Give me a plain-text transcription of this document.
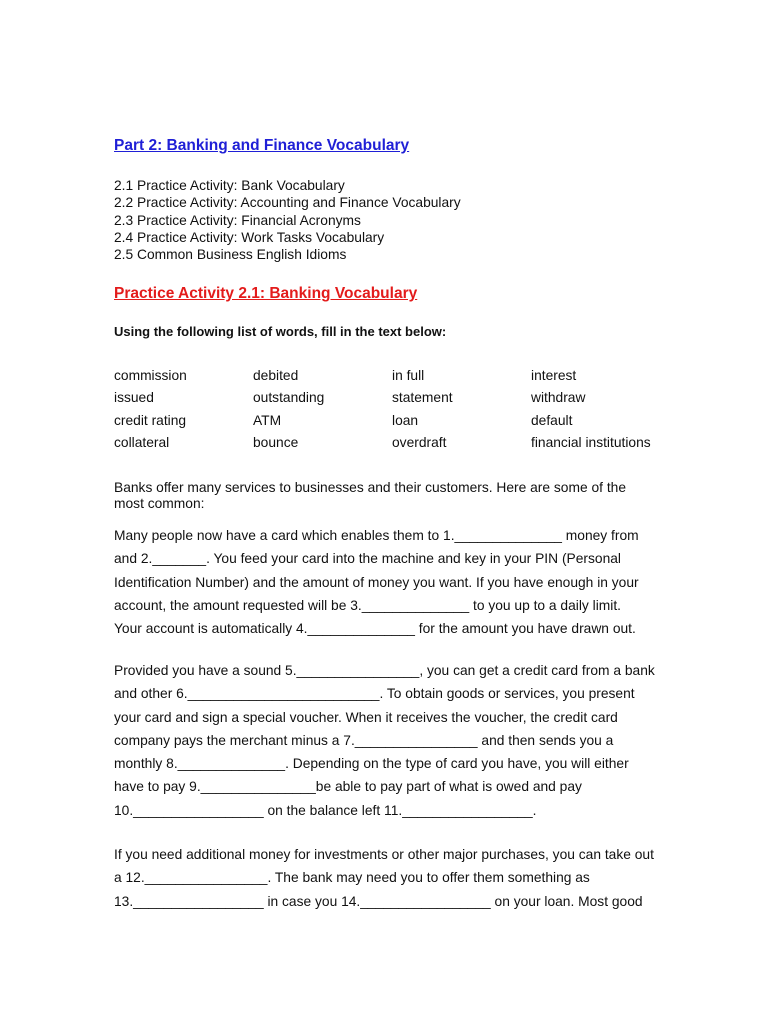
Part 2: Banking and Finance Vocabulary
2.1 Practice Activity: Bank Vocabulary
2.2 Practice Activity: Accounting and Finance Vocabulary
2.3 Practice Activity: Financial Acronyms
2.4 Practice Activity: Work Tasks Vocabulary
2.5 Common Business English Idioms
Practice Activity 2.1: Banking Vocabulary
Using the following list of words, fill in the text below:
commission	debited	in full	interest
issued	outstanding	statement	withdraw
credit rating	ATM	loan	default
collateral	bounce	overdraft	financial institutions

Banks offer many services to businesses and their customers. Here are some of the most common:

Many people now have a card which enables them to 1.______________ money from
and 2._______. You feed your card into the machine and key in your PIN (Personal
Identification Number) and the amount of money you want. If you have enough in your
account, the amount requested will be 3.______________ to you up to a daily limit.
Your account is automatically 4.______________ for the amount you have drawn out.
Provided you have a sound 5.________________, you can get a credit card from a bank
and other 6._________________________. To obtain goods or services, you present
your card and sign a special voucher. When it receives the voucher, the credit card
company pays the merchant minus a 7.________________ and then sends you a
monthly 8.______________. Depending on the type of card you have, you will either
have to pay 9._______________be able to pay part of what is owed and pay
10._________________ on the balance left 11._________________.
If you need additional money for investments or other major purchases, you can take out
a 12.________________. The bank may need you to offer them something as
13._________________ in case you 14._________________ on your loan. Most good
